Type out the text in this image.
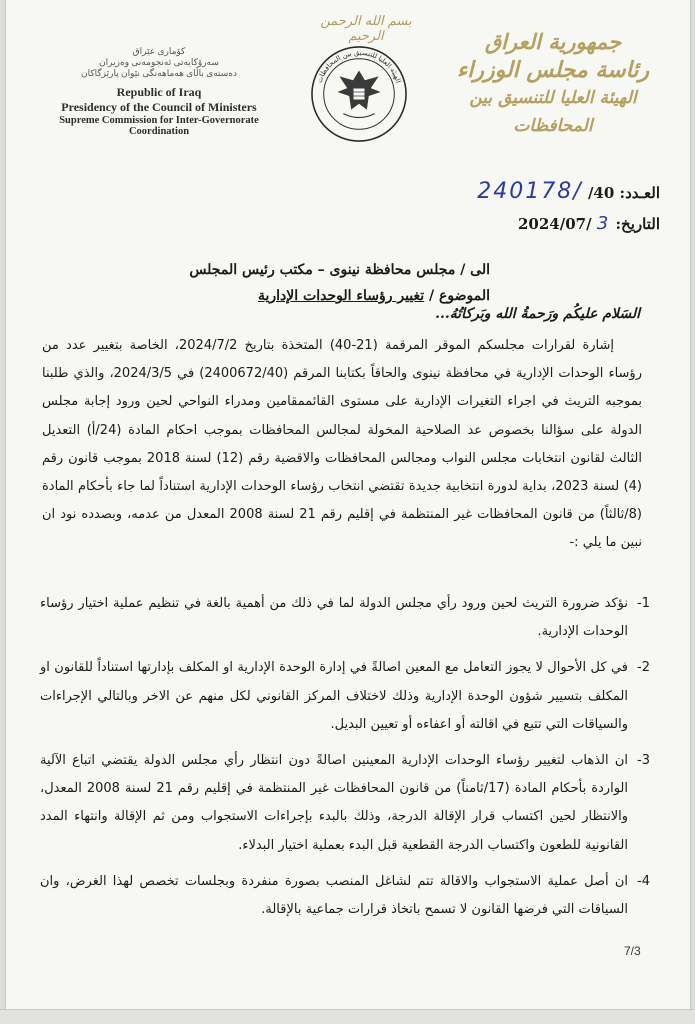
بسم الله الرحمن الرحيم	جمهورية العراق
رئاسة مجلس الوزراء
الهيئة العليا للتنسيق بين المحافظات
الهيئة العليا للتنسيق بين المحافظات
كۆماری عێراق
سەرۆكایەتی ئەنجومەنی وەزیران
دەستەی باڵای هەماهەنگی نێوان پارێزگاكان
Republic of Iraq
Presidency of the Council of Ministers
Supreme Commission for Inter-Governorate Coordination
العـدد: 40/ 240178/
التاريخ: 3 /2024/07
الى / مجلس محافظة نينوى – مكتب رئيس المجلس
الموضوع / تغيير رؤساء الوحدات الإدارية
السَلام عليكُم ورَحمةُ الله وبَركاتُهُ...

إشارة لقرارات مجلسكم الموقر المرقمة (21-40) المتخذة بتاريخ 2024/7/2، الخاصة بتغيير عدد من رؤساء الوحدات الإدارية في محافظة نينوى والحاقاً بكتابنا المرقم (2400672/40) في 2024/3/5، والذي طلبنا بموجبه التريث في اجراء التغيرات الإدارية على مستوى القائممقامين ومدراء النواحي لحين ورود إجابة مجلس الدولة على سؤالنا بخصوص عد الصلاحية المخولة لمجالس المحافظات بموجب احكام المادة (24/أ) التعديل الثالث لقانون انتخابات مجلس النواب ومجالس المحافظات والاقضية رقم (12) لسنة 2018 بموجب قانون رقم (4) لسنة 2023، بداية لدورة انتخابية جديدة تقتضي انتخاب رؤساء الوحدات الإدارية استناداً لما جاء بأحكام المادة (8/ثالثاً) من قانون المحافظات غير المنتظمة في إقليم رقم 21 لسنة 2008 المعدل من عدمه، وبصدده نود ان نبين ما يلي :-

1-
نؤكد ضرورة التريث لحين ورود رأي مجلس الدولة لما في ذلك من أهمية بالغة في تنظيم عملية اختيار رؤساء الوحدات الإدارية.
2-
في كل الأحوال لا يجوز التعامل مع المعين اصالةً في إدارة الوحدة الإدارية او المكلف بإدارتها استناداً للقانون او المكلف بتسيير شؤون الوحدة الإدارية وذلك لاختلاف المركز القانوني لكل منهم عن الاخر وبالتالي الإجراءات والسياقات التي تتبع في اقالته أو اعفاءه أو تعيين البديل.
3-
ان الذهاب لتغيير رؤساء الوحدات الإدارية المعينين اصالةً دون انتظار رأي مجلس الدولة يقتضي اتباع الآلية الواردة بأحكام المادة (17/ثامناً) من قانون المحافظات غير المنتظمة في إقليم رقم 21 لسنة 2008 المعدل، والانتظار لحين اكتساب قرار الإقالة الدرجة، وذلك بالبدء بإجراءات الاستجواب ومن ثم الإقالة وانتهاء المدد القانونية للطعون واكتساب الدرجة القطعية قبل البدء بعملية اختيار البدلاء.
4-
ان أصل عملية الاستجواب والاقالة تتم لشاغل المنصب بصورة منفردة وبجلسات تخصص لهذا الغرض، وان السياقات التي فرضها القانون لا تسمح باتخاذ قرارات جماعية بالإقالة.
7/3
